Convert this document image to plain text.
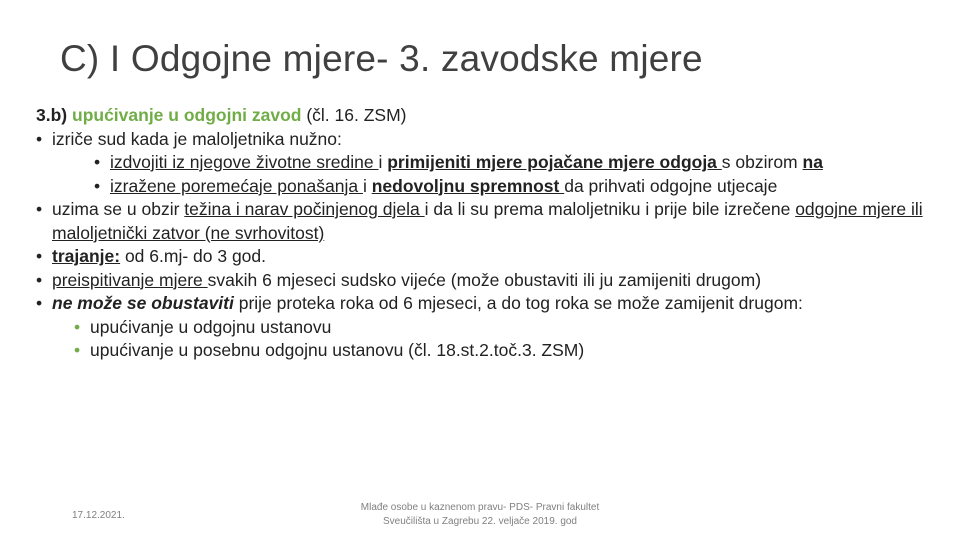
C) I Odgojne mjere- 3. zavodske mjere
3.b) upućivanje u odgojni zavod (čl. 16. ZSM)
• izriče sud kada je maloljetnika nužno:
• izdvojiti iz njegove životne sredine i primijeniti mjere pojačane mjere odgoja s obzirom na
• izražene poremećaje ponašanja i nedovoljnu spremnost da prihvati odgojne utjecaje
• uzima se u obzir težina i narav počinjenog djela i da li su prema maloljetniku i prije bile izrečene odgojne mjere ili maloljetnički zatvor (ne svrhovitost)
• trajanje: od 6.mj- do 3 god.
• preispitivanje mjere svakih 6 mjeseci sudsko vijeće (može obustaviti ili ju zamijeniti drugom)
• ne može se obustaviti prije proteka roka od 6 mjeseci, a do tog roka se može zamijenit drugom:
• upućivanje u odgojnu ustanovu
• upućivanje u posebnu odgojnu ustanovu (čl. 18.st.2.toč.3. ZSM)
17.12.2021.
Mlađe osobe u kaznenom pravu- PDS- Pravni fakultet
Sveučilišta u Zagrebu 22. veljače 2019. god
